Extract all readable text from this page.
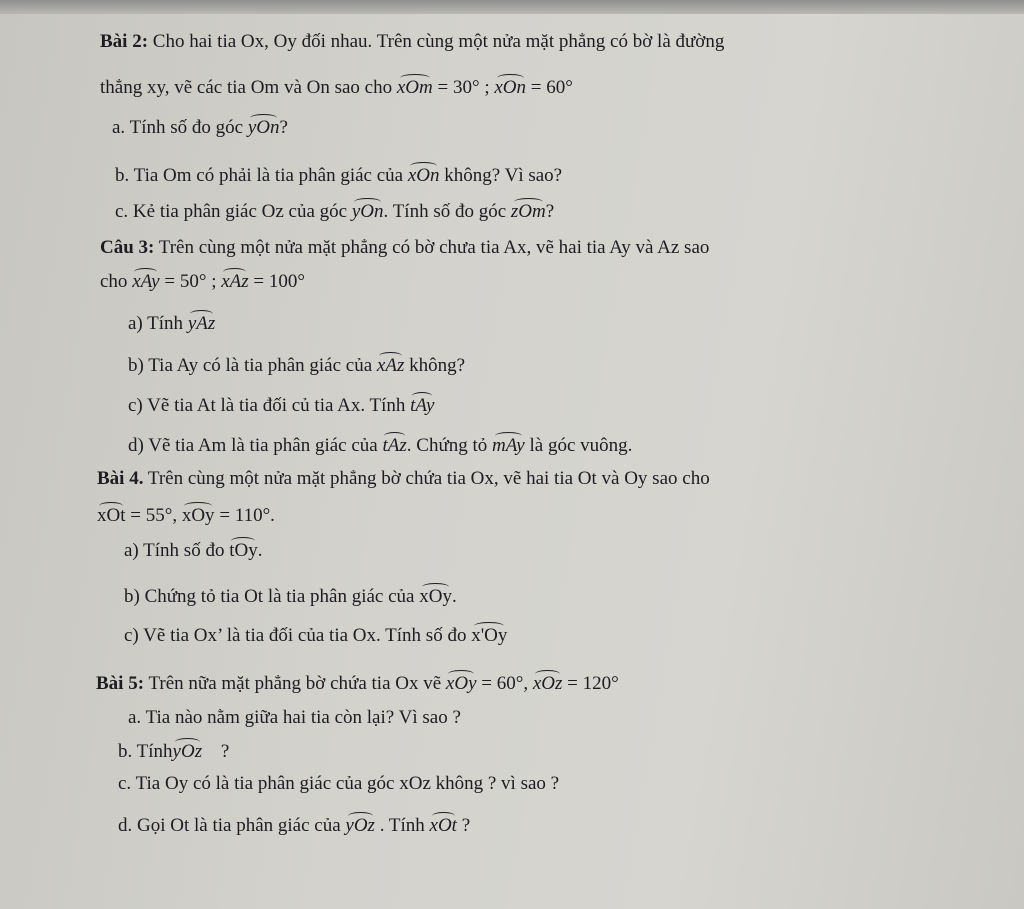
Bài 2: Cho hai tia Ox, Oy đối nhau. Trên cùng một nửa mặt phẳng có bờ là đường
thẳng xy, vẽ các tia Om và On sao cho xOm = 30° ; xOn = 60°
a. Tính số đo góc yOn?
b. Tia Om có phải là tia phân giác của xOn không? Vì sao?
c. Kẻ tia phân giác Oz của góc yOn. Tính số đo góc zOm?
Câu 3: Trên cùng một nửa mặt phẳng có bờ chưa tia Ax, vẽ hai tia Ay và Az sao
cho xAy = 50° ; xAz = 100°
a) Tính yAz
b) Tia Ay có là tia phân giác của xAz không?
c) Vẽ tia At là tia đối củ tia Ax. Tính tAy
d) Vẽ tia Am là tia phân giác của tAz. Chứng tỏ mAy là góc vuông.
Bài 4. Trên cùng một nửa mặt phẳng bờ chứa tia Ox, vẽ hai tia Ot và Oy sao cho
xOt = 55°, xOy = 110°.
a) Tính số đo tOy.
b) Chứng tỏ tia Ot là tia phân giác của xOy.
c) Vẽ tia Ox’ là tia đối của tia Ox. Tính số đo x'Oy
Bài 5: Trên nữa mặt phẳng bờ chứa tia Ox vẽ xOy = 60°, xOz = 120°
a. Tia nào nằm giữa hai tia còn lại? Vì sao ?
b. TínhyOz ?
c. Tia Oy có là tia phân giác của góc xOz không ? vì sao ?
d. Gọi Ot là tia phân giác của yOz . Tính xOt ?
